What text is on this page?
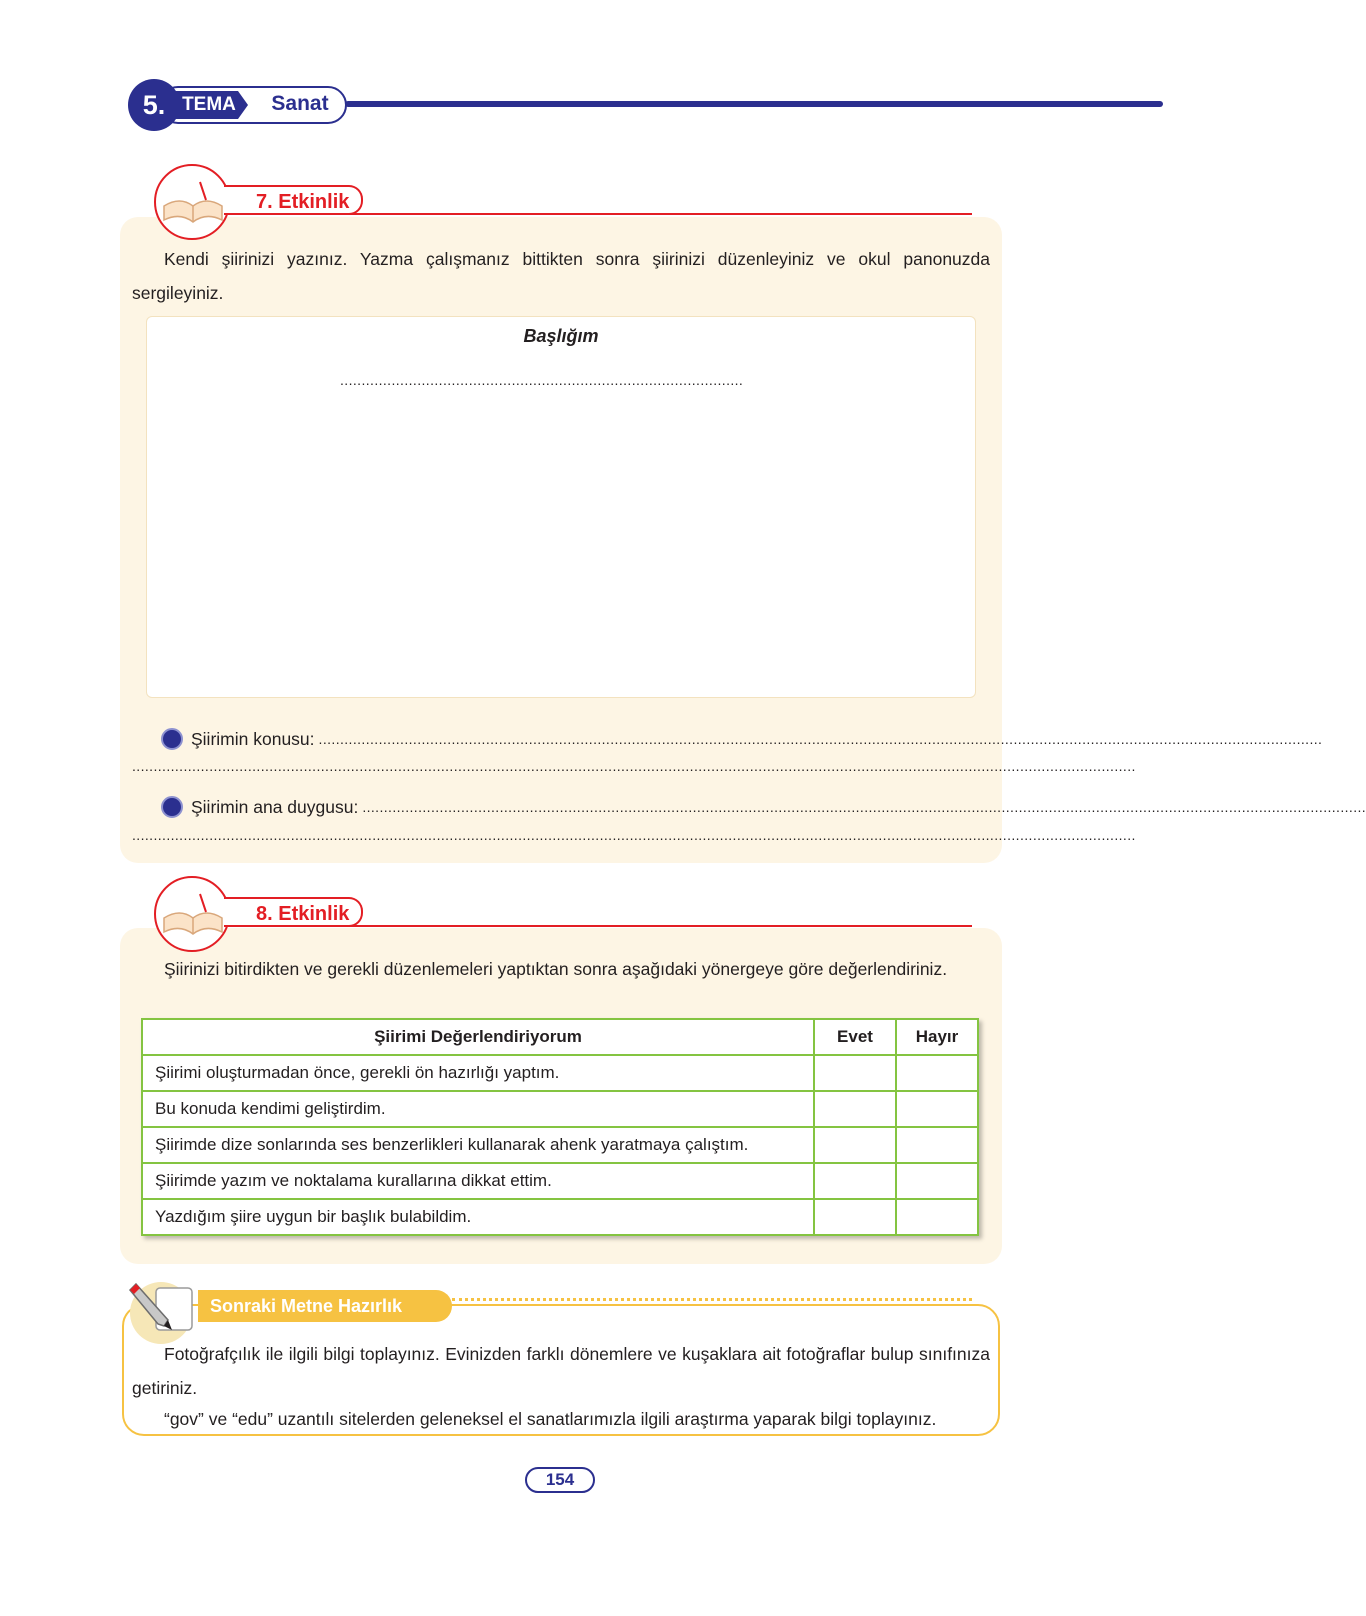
5. TEMA	Sanat
7. Etkinlik
Kendi şiirinizi yazınız. Yazma çalışmanız bittikten sonra şiirinizi düzenleyiniz ve okul panonuzda sergileyiniz.
Başlığım
..............................................................................................
Şiirimin konusu: ..........................................................................................................................................................................................................................................
..........................................................................................................................................................................................................................................
Şiirimin ana duygusu: ..........................................................................................................................................................................................................................................
..........................................................................................................................................................................................................................................
8. Etkinlik
Şiirinizi bitirdikten ve gerekli düzenlemeleri yaptıktan sonra aşağıdaki yönergeye göre değerlendiriniz.
Şiirimi Değerlendiriyorum	Evet	Hayır
Şiirimi oluşturmadan önce, gerekli ön hazırlığı yaptım.		
Bu konuda kendimi geliştirdim.		
Şiirimde dize sonlarında ses benzerlikleri kullanarak ahenk yaratmaya çalıştım.		
Şiirimde yazım ve noktalama kurallarına dikkat ettim.		
Yazdığım şiire uygun bir başlık bulabildim.		
Sonraki Metne Hazırlık
Fotoğrafçılık ile ilgili bilgi toplayınız. Evinizden farklı dönemlere ve kuşaklara ait fotoğraflar bulup sınıfınıza getiriniz.
“gov” ve “edu” uzantılı sitelerden geleneksel el sanatlarımızla ilgili araştırma yaparak bilgi toplayınız.
154
